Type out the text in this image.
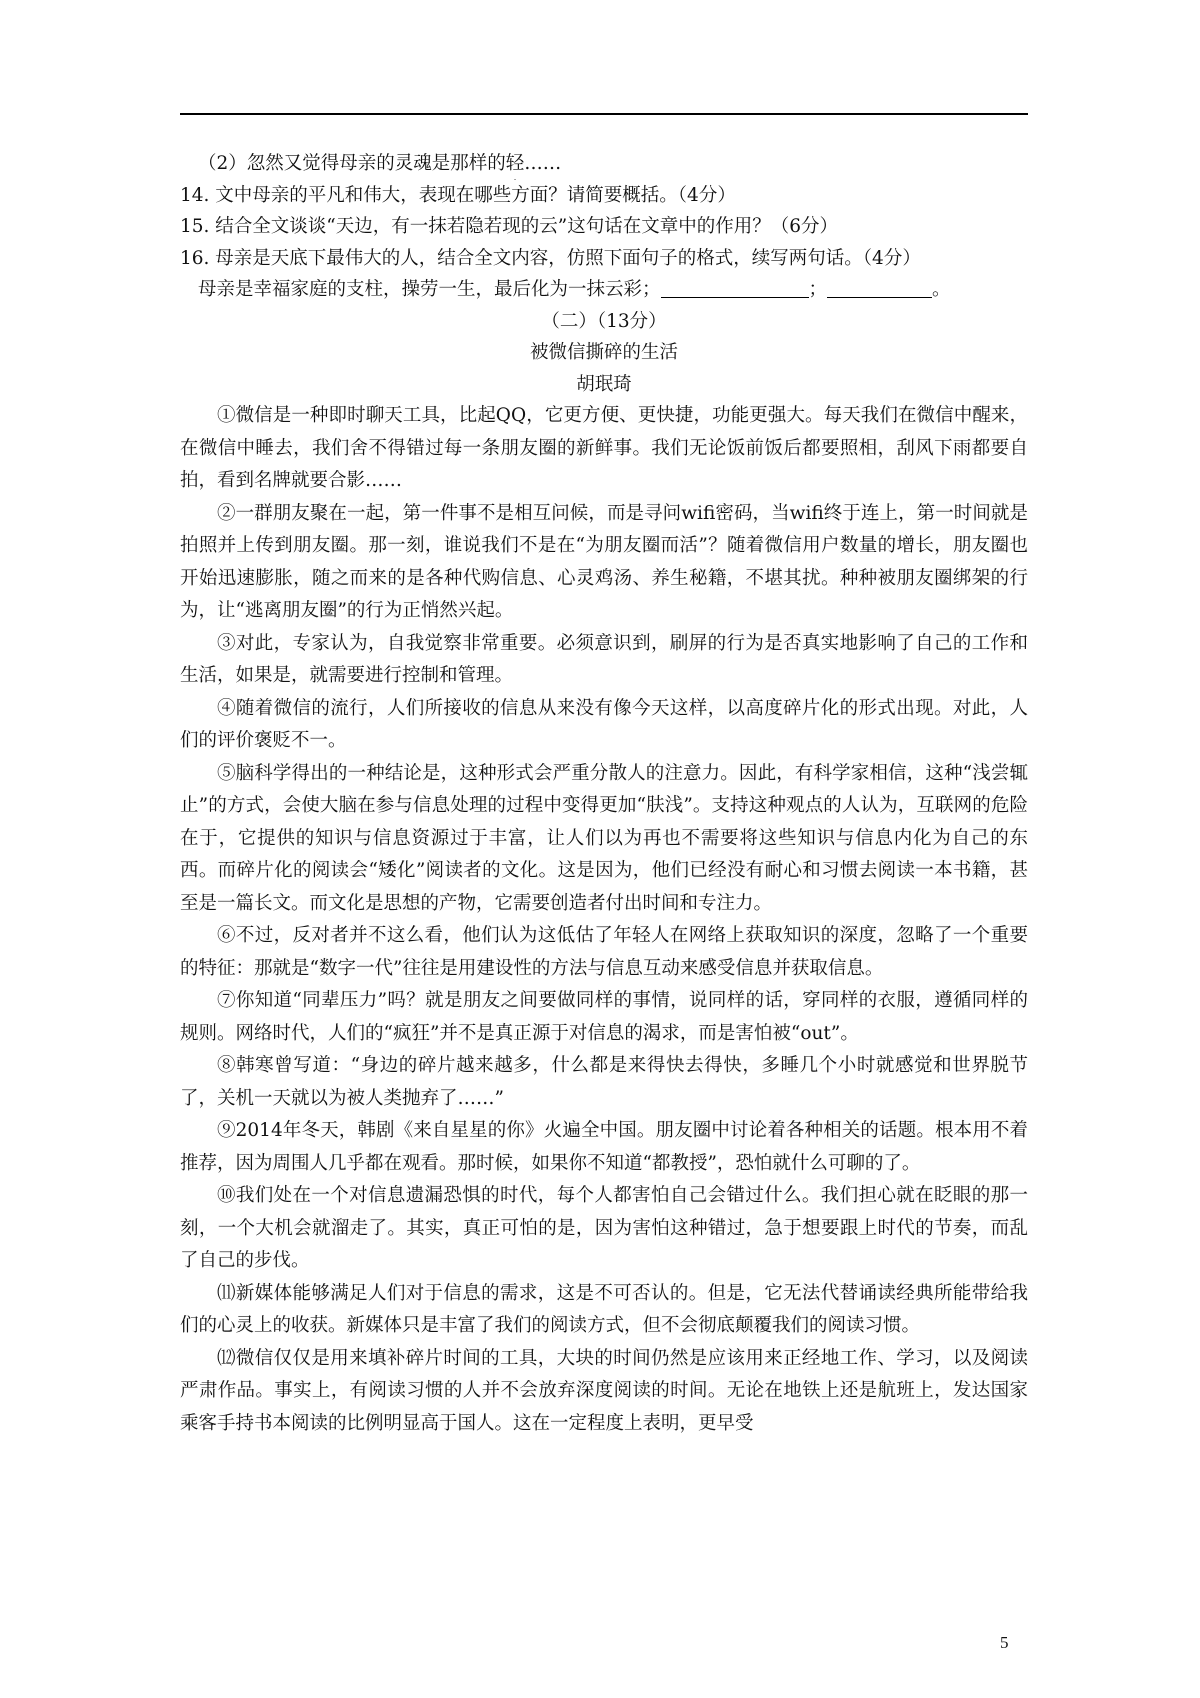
（2）忽然又觉得母亲的灵魂是那样的轻……
14. 文中母亲的平凡和伟大，表现在哪些方面？请简要概括。（4分）
15. 结合全文谈谈“天边，有一抹若隐若现的云”这句话在文章中的作用？（6分）
16. 母亲是天底下最伟大的人，结合全文内容，仿照下面句子的格式，续写两句话。（4分）
母亲是幸福家庭的支柱，操劳一生，最后化为一抹云彩；	；	。
（二）（13分）
被微信撕碎的生活
胡珉琦

①微信是一种即时聊天工具，比起QQ，它更方便、更快捷，功能更强大。每天我们在微信中醒来，在微信中睡去，我们舍不得错过每一条朋友圈的新鲜事。我们无论饭前饭后都要照相，刮风下雨都要自拍，看到名牌就要合影……

②一群朋友聚在一起，第一件事不是相互问候，而是寻问wifi密码，当wifi终于连上，第一时间就是拍照并上传到朋友圈。那一刻，谁说我们不是在“为朋友圈而活”？随着微信用户数量的增长，朋友圈也开始迅速膨胀，随之而来的是各种代购信息、心灵鸡汤、养生秘籍，不堪其扰。种种被朋友圈绑架的行为，让“逃离朋友圈”的行为正悄然兴起。

③对此，专家认为，自我觉察非常重要。必须意识到，刷屏的行为是否真实地影响了自己的工作和生活，如果是，就需要进行控制和管理。

④随着微信的流行，人们所接收的信息从来没有像今天这样，以高度碎片化的形式出现。对此，人们的评价褒贬不一。

⑤脑科学得出的一种结论是，这种形式会严重分散人的注意力。因此，有科学家相信，这种“浅尝辄止”的方式，会使大脑在参与信息处理的过程中变得更加“肤浅”。支持这种观点的人认为，互联网的危险在于，它提供的知识与信息资源过于丰富，让人们以为再也不需要将这些知识与信息内化为自己的东西。而碎片化的阅读会“矮化”阅读者的文化。这是因为，他们已经没有耐心和习惯去阅读一本书籍，甚至是一篇长文。而文化是思想的产物，它需要创造者付出时间和专注力。

⑥不过，反对者并不这么看，他们认为这低估了年轻人在网络上获取知识的深度，忽略了一个重要的特征：那就是“数字一代”往往是用建设性的方法与信息互动来感受信息并获取信息。

⑦你知道“同辈压力”吗？就是朋友之间要做同样的事情，说同样的话，穿同样的衣服，遵循同样的规则。网络时代，人们的“疯狂”并不是真正源于对信息的渴求，而是害怕被“out”。

⑧韩寒曾写道：“身边的碎片越来越多，什么都是来得快去得快，多睡几个小时就感觉和世界脱节了，关机一天就以为被人类抛弃了……”

⑨2014年冬天，韩剧《来自星星的你》火遍全中国。朋友圈中讨论着各种相关的话题。根本用不着推荐，因为周围人几乎都在观看。那时候，如果你不知道“都教授”，恐怕就什么可聊的了。

⑩我们处在一个对信息遗漏恐惧的时代，每个人都害怕自己会错过什么。我们担心就在眨眼的那一刻，一个大机会就溜走了。其实，真正可怕的是，因为害怕这种错过，急于想要跟上时代的节奏，而乱了自己的步伐。

⑾新媒体能够满足人们对于信息的需求，这是不可否认的。但是，它无法代替诵读经典所能带给我们的心灵上的收获。新媒体只是丰富了我们的阅读方式，但不会彻底颠覆我们的阅读习惯。

⑿微信仅仅是用来填补碎片时间的工具，大块的时间仍然是应该用来正经地工作、学习，以及阅读严肃作品。事实上，有阅读习惯的人并不会放弃深度阅读的时间。无论在地铁上还是航班上，发达国家乘客手持书本阅读的比例明显高于国人。这在一定程度上表明，更早受

5
